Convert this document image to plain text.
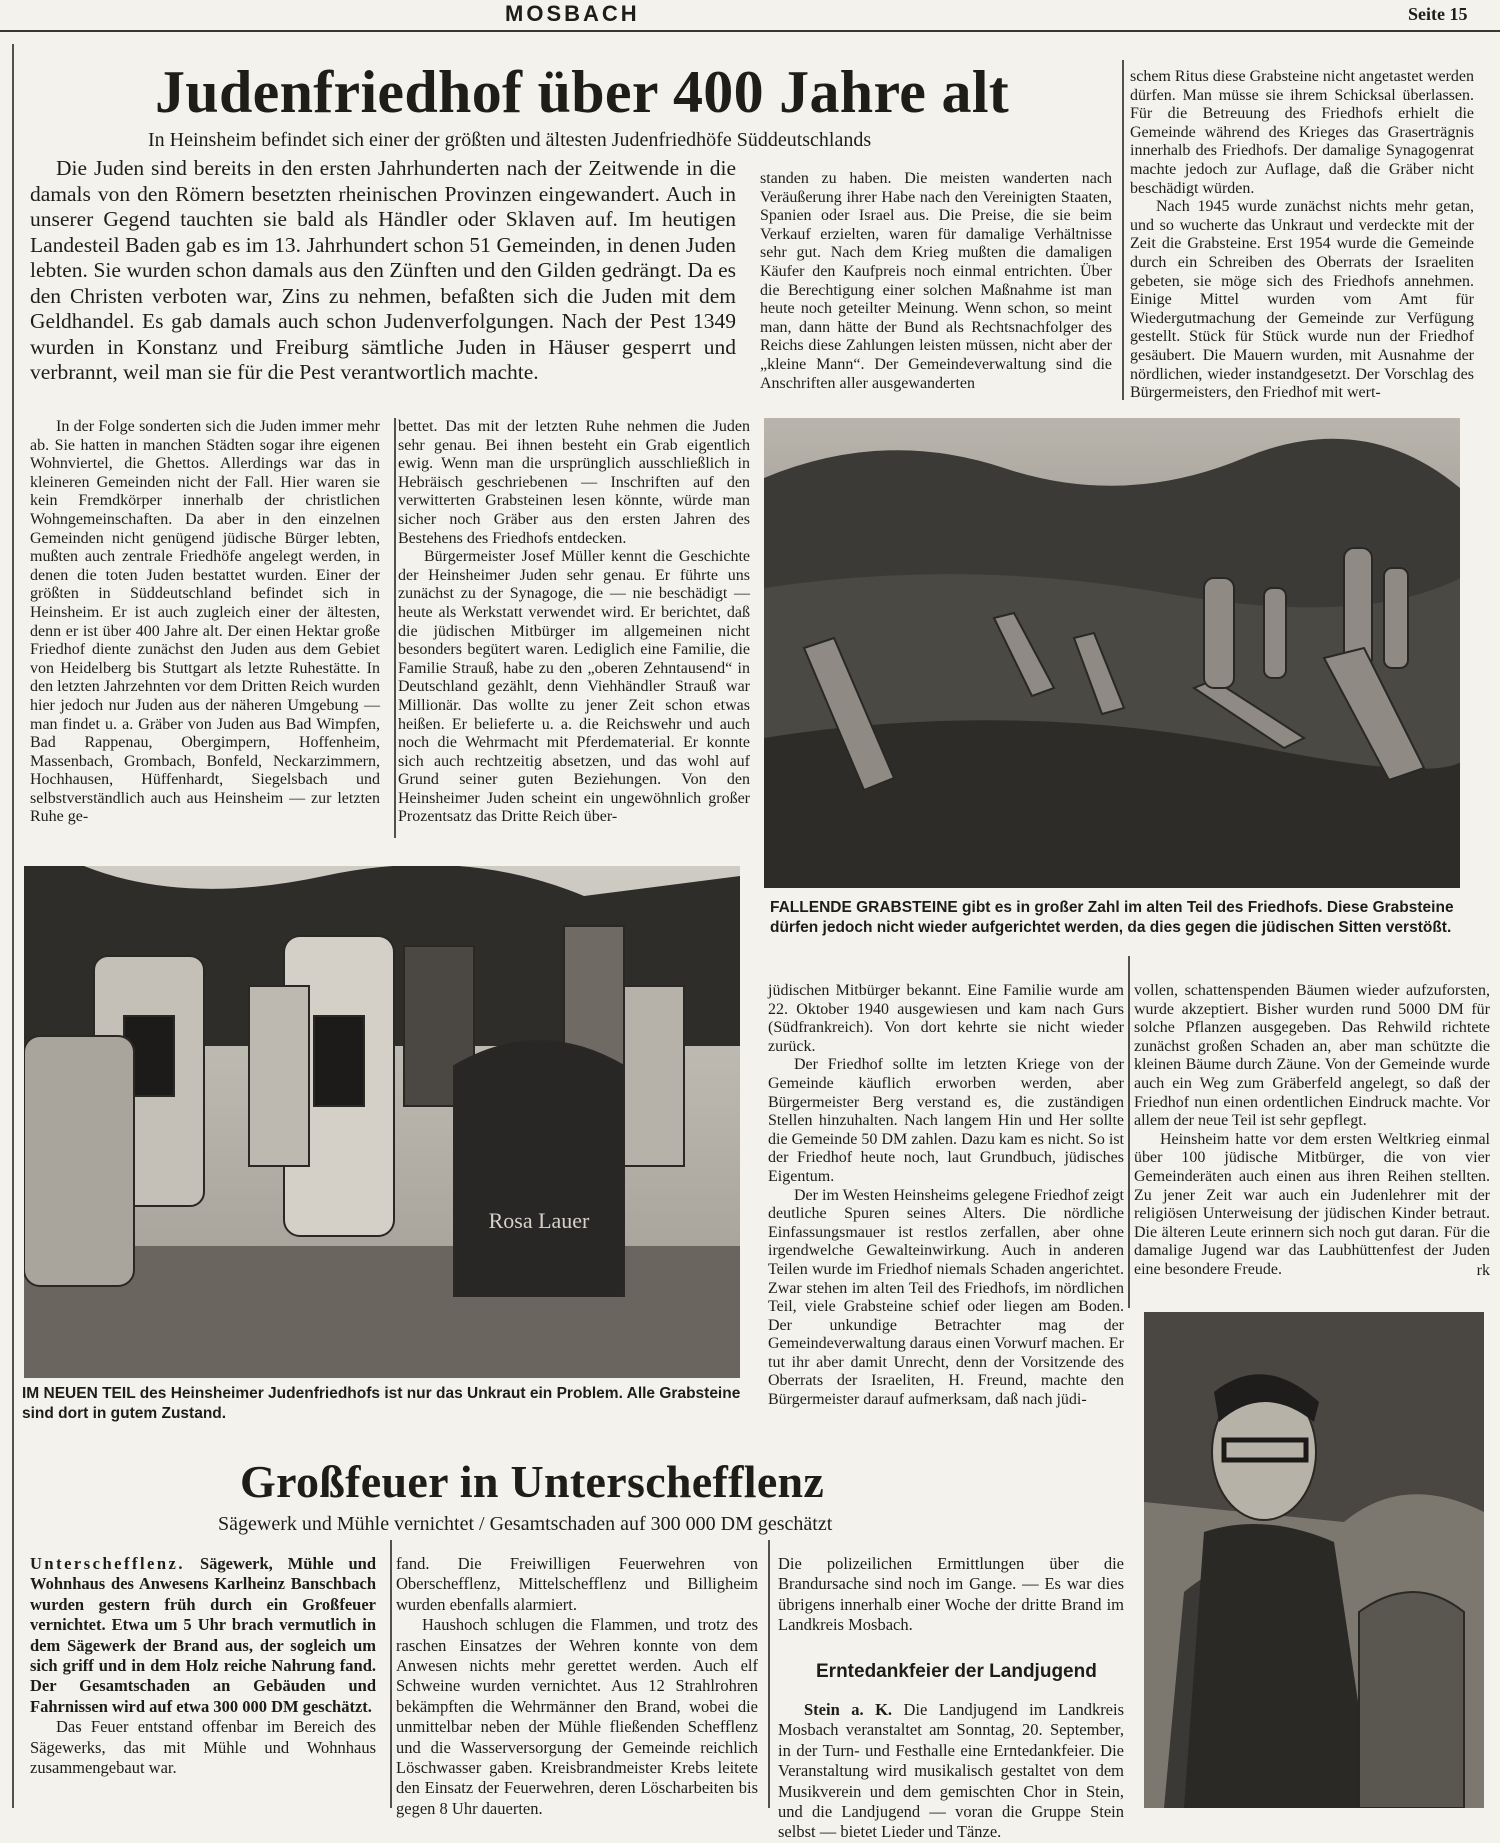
MOSBACH	Seite 15
Judenfriedhof über 400 Jahre alt
In Heinsheim befindet sich einer der größten und ältesten Judenfriedhöfe Süddeutschlands

Die Juden sind bereits in den ersten Jahrhunderten nach der Zeitwende in die damals von den Römern besetzten rheinischen Provinzen eingewandert. Auch in unserer Gegend tauchten sie bald als Händler oder Sklaven auf. Im heutigen Landesteil Baden gab es im 13. Jahrhundert schon 51 Gemeinden, in denen Juden lebten. Sie wurden schon damals aus den Zünften und den Gilden gedrängt. Da es den Christen verboten war, Zins zu nehmen, befaßten sich die Juden mit dem Geldhandel. Es gab damals auch schon Judenverfolgungen. Nach der Pest 1349 wurden in Konstanz und Freiburg sämtliche Juden in Häuser gesperrt und verbrannt, weil man sie für die Pest verantwortlich machte.

In der Folge sonderten sich die Juden immer mehr ab. Sie hatten in manchen Städten sogar ihre eigenen Wohnviertel, die Ghettos. Allerdings war das in kleineren Gemeinden nicht der Fall. Hier waren sie kein Fremdkörper innerhalb der christlichen Wohngemeinschaften. Da aber in den einzelnen Gemeinden nicht genügend jüdische Bürger lebten, mußten auch zentrale Friedhöfe angelegt werden, in denen die toten Juden bestattet wurden. Einer der größten in Süddeutschland befindet sich in Heinsheim. Er ist auch zugleich einer der ältesten, denn er ist über 400 Jahre alt. Der einen Hektar große Friedhof diente zunächst den Juden aus dem Gebiet von Heidelberg bis Stuttgart als letzte Ruhestätte. In den letzten Jahrzehnten vor dem Dritten Reich wurden hier jedoch nur Juden aus der näheren Umgebung — man findet u. a. Gräber von Juden aus Bad Wimpfen, Bad Rappenau, Obergimpern, Hoffenheim, Massenbach, Grombach, Bonfeld, Neckarzimmern, Hochhausen, Hüffenhardt, Siegelsbach und selbstverständlich auch aus Heinsheim — zur letzten Ruhe ge-

bettet. Das mit der letzten Ruhe nehmen die Juden sehr genau. Bei ihnen besteht ein Grab eigentlich ewig. Wenn man die ursprünglich ausschließlich in Hebräisch geschriebenen — Inschriften auf den verwitterten Grabsteinen lesen könnte, würde man sicher noch Gräber aus den ersten Jahren des Bestehens des Friedhofs entdecken.

Bürgermeister Josef Müller kennt die Geschichte der Heinsheimer Juden sehr genau. Er führte uns zunächst zu der Synagoge, die — nie beschädigt — heute als Werkstatt verwendet wird. Er berichtet, daß die jüdischen Mitbürger im allgemeinen nicht besonders begütert waren. Lediglich eine Familie, die Familie Strauß, habe zu den „oberen Zehntausend“ in Deutschland gezählt, denn Viehhändler Strauß war Millionär. Das wollte zu jener Zeit schon etwas heißen. Er belieferte u. a. die Reichswehr und auch noch die Wehrmacht mit Pferdematerial. Er konnte sich auch rechtzeitig absetzen, und das wohl auf Grund seiner guten Beziehungen. Von den Heinsheimer Juden scheint ein ungewöhnlich großer Prozentsatz das Dritte Reich über-

standen zu haben. Die meisten wanderten nach Veräußerung ihrer Habe nach den Vereinigten Staaten, Spanien oder Israel aus. Die Preise, die sie beim Verkauf erzielten, waren für damalige Verhältnisse sehr gut. Nach dem Krieg mußten die damaligen Käufer den Kaufpreis noch einmal entrichten. Über die Berechtigung einer solchen Maßnahme ist man heute noch geteilter Meinung. Wenn schon, so meint man, dann hätte der Bund als Rechtsnachfolger des Reichs diese Zahlungen leisten müssen, nicht aber der „kleine Mann“. Der Gemeindeverwaltung sind die Anschriften aller ausgewanderten

schem Ritus diese Grabsteine nicht angetastet werden dürfen. Man müsse sie ihrem Schicksal überlassen. Für die Betreuung des Friedhofs erhielt die Gemeinde während des Krieges das Graserträgnis innerhalb des Friedhofs. Der damalige Synagogenrat machte jedoch zur Auflage, daß die Gräber nicht beschädigt würden.

Nach 1945 wurde zunächst nichts mehr getan, und so wucherte das Unkraut und verdeckte mit der Zeit die Grabsteine. Erst 1954 wurde die Gemeinde durch ein Schreiben des Oberrats der Israeliten gebeten, sie möge sich des Friedhofs annehmen. Einige Mittel wurden vom Amt für Wiedergutmachung der Gemeinde zur Verfügung gestellt. Stück für Stück wurde nun der Friedhof gesäubert. Die Mauern wurden, mit Ausnahme der nördlichen, wieder instandgesetzt. Der Vorschlag des Bürgermeisters, den Friedhof mit wert-

FALLENDE GRABSTEINE gibt es in großer Zahl im alten Teil des Friedhofs. Diese Grabsteine dürfen jedoch nicht wieder aufgerichtet werden, da dies gegen die jüdischen Sitten verstößt.
Rosa Lauer
IM NEUEN TEIL des Heinsheimer Judenfriedhofs ist nur das Unkraut ein Problem. Alle Grabsteine sind dort in gutem Zustand.

jüdischen Mitbürger bekannt. Eine Familie wurde am 22. Oktober 1940 ausgewiesen und kam nach Gurs (Südfrankreich). Von dort kehrte sie nicht wieder zurück.

Der Friedhof sollte im letzten Kriege von der Gemeinde käuflich erworben werden, aber Bürgermeister Berg verstand es, die zuständigen Stellen hinzuhalten. Nach langem Hin und Her sollte die Gemeinde 50 DM zahlen. Dazu kam es nicht. So ist der Friedhof heute noch, laut Grundbuch, jüdisches Eigentum.

Der im Westen Heinsheims gelegene Friedhof zeigt deutliche Spuren seines Alters. Die nördliche Einfassungsmauer ist restlos zerfallen, aber ohne irgendwelche Gewalteinwirkung. Auch in anderen Teilen wurde im Friedhof niemals Schaden angerichtet. Zwar stehen im alten Teil des Friedhofs, im nördlichen Teil, viele Grabsteine schief oder liegen am Boden. Der unkundige Betrachter mag der Gemeindeverwaltung daraus einen Vorwurf machen. Er tut ihr aber damit Unrecht, denn der Vorsitzende des Oberrats der Israeliten, H. Freund, machte den Bürgermeister darauf aufmerksam, daß nach jüdi-

vollen, schattenspenden Bäumen wieder aufzuforsten, wurde akzeptiert. Bisher wurden rund 5000 DM für solche Pflanzen ausgegeben. Das Rehwild richtete zunächst großen Schaden an, aber man schützte die kleinen Bäume durch Zäune. Von der Gemeinde wurde auch ein Weg zum Gräberfeld angelegt, so daß der Friedhof nun einen ordentlichen Eindruck machte. Vor allem der neue Teil ist sehr gepflegt.

Heinsheim hatte vor dem ersten Weltkrieg einmal über 100 jüdische Mitbürger, die von vier Gemeinderäten auch einen aus ihren Reihen stellten. Zu jener Zeit war auch ein Judenlehrer mit der religiösen Unterweisung der jüdischen Kinder betraut. Die älteren Leute erinnern sich noch gut daran. Für die damalige Jugend war das Laubhüttenfest der Juden eine besondere Freude.	rk
Großfeuer in Unterschefflenz
Sägewerk und Mühle vernichtet / Gesamtschaden auf 300 000 DM geschätzt

Unterschefflenz. Sägewerk, Mühle und Wohnhaus des Anwesens Karlheinz Banschbach wurden gestern früh durch ein Großfeuer vernichtet. Etwa um 5 Uhr brach vermutlich in dem Sägewerk der Brand aus, der sogleich um sich griff und in dem Holz reiche Nahrung fand. Der Gesamtschaden an Gebäuden und Fahrnissen wird auf etwa 300 000 DM geschätzt.

Das Feuer entstand offenbar im Bereich des Sägewerks, das mit Mühle und Wohnhaus zusammengebaut war.

fand. Die Freiwilligen Feuerwehren von Oberschefflenz, Mittelschefflenz und Billigheim wurden ebenfalls alarmiert.

Haushoch schlugen die Flammen, und trotz des raschen Einsatzes der Wehren konnte von dem Anwesen nichts mehr gerettet werden. Auch elf Schweine wurden vernichtet. Aus 12 Strahlrohren bekämpften die Wehrmänner den Brand, wobei die unmittelbar neben der Mühle fließenden Schefflenz und die Wasserversorgung der Gemeinde reichlich Löschwasser gaben. Kreisbrandmeister Krebs leitete den Einsatz der Feuerwehren, deren Löscharbeiten bis gegen 8 Uhr dauerten.

Die polizeilichen Ermittlungen über die Brandursache sind noch im Gange. — Es war dies übrigens innerhalb einer Woche der dritte Brand im Landkreis Mosbach.

Erntedankfeier der Landjugend

Stein a. K. Die Landjugend im Landkreis Mosbach veranstaltet am Sonntag, 20. September, in der Turn- und Festhalle eine Erntedankfeier. Die Veranstaltung wird musikalisch gestaltet von dem Musikverein und dem gemischten Chor in Stein, und die Landjugend — voran die Gruppe Stein selbst — bietet Lieder und Tänze.
